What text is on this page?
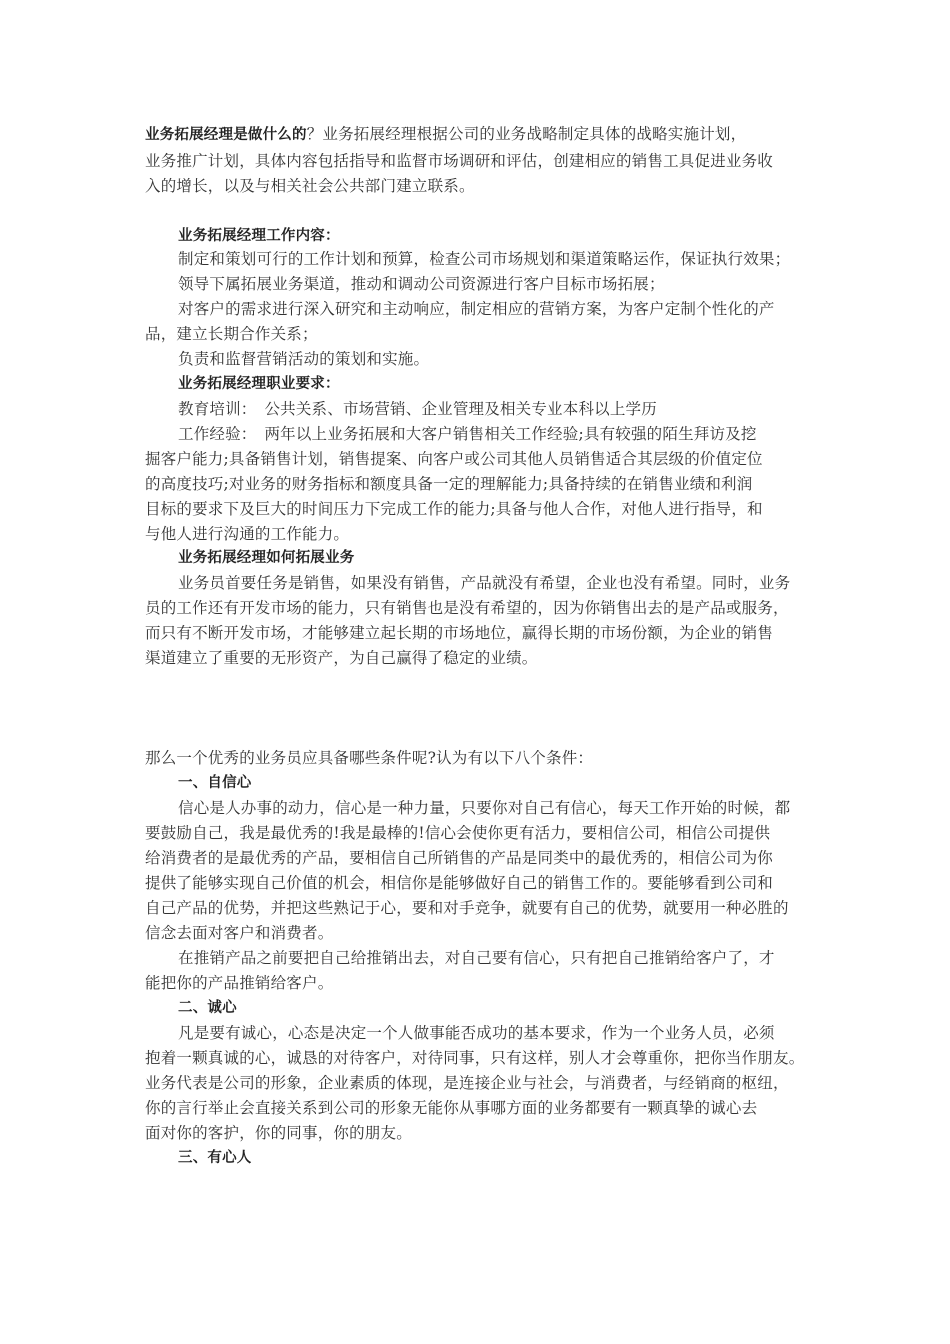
业务拓展经理是做什么的？业务拓展经理根据公司的业务战略制定具体的战略实施计划，
业务推广计划，具体内容包括指导和监督市场调研和评估，创建相应的销售工具促进业务收
入的增长，以及与相关社会公共部门建立联系。
业务拓展经理工作内容：
制定和策划可行的工作计划和预算，检查公司市场规划和渠道策略运作，保证执行效果；
领导下属拓展业务渠道，推动和调动公司资源进行客户目标市场拓展；
对客户的需求进行深入研究和主动响应，制定相应的营销方案，为客户定制个性化的产
品，建立长期合作关系；
负责和监督营销活动的策划和实施。
业务拓展经理职业要求：
教育培训：　公共关系、市场营销、企业管理及相关专业本科以上学历
工作经验：　两年以上业务拓展和大客户销售相关工作经验;具有较强的陌生拜访及挖
掘客户能力;具备销售计划，销售提案、向客户或公司其他人员销售适合其层级的价值定位
的高度技巧;对业务的财务指标和额度具备一定的理解能力;具备持续的在销售业绩和利润
目标的要求下及巨大的时间压力下完成工作的能力;具备与他人合作，对他人进行指导，和
与他人进行沟通的工作能力。
业务拓展经理如何拓展业务
业务员首要任务是销售，如果没有销售，产品就没有希望，企业也没有希望。同时，业务
员的工作还有开发市场的能力，只有销售也是没有希望的，因为你销售出去的是产品或服务，
而只有不断开发市场，才能够建立起长期的市场地位，赢得长期的市场份额，为企业的销售
渠道建立了重要的无形资产，为自己赢得了稳定的业绩。
那么一个优秀的业务员应具备哪些条件呢?认为有以下八个条件：
一、自信心
信心是人办事的动力，信心是一种力量，只要你对自己有信心，每天工作开始的时候，都
要鼓励自己，我是最优秀的!我是最棒的!信心会使你更有活力，要相信公司，相信公司提供
给消费者的是最优秀的产品，要相信自己所销售的产品是同类中的最优秀的，相信公司为你
提供了能够实现自己价值的机会，相信你是能够做好自己的销售工作的。要能够看到公司和
自己产品的优势，并把这些熟记于心，要和对手竞争，就要有自己的优势，就要用一种必胜的
信念去面对客户和消费者。
在推销产品之前要把自己给推销出去，对自己要有信心，只有把自己推销给客户了，才
能把你的产品推销给客户。
二、诚心
凡是要有诚心，心态是决定一个人做事能否成功的基本要求，作为一个业务人员，必须
抱着一颗真诚的心，诚恳的对待客户，对待同事，只有这样，别人才会尊重你，把你当作朋友。
业务代表是公司的形象，企业素质的体现，是连接企业与社会，与消费者，与经销商的枢纽，
你的言行举止会直接关系到公司的形象无能你从事哪方面的业务都要有一颗真挚的诚心去
面对你的客护，你的同事，你的朋友。
三、有心人
